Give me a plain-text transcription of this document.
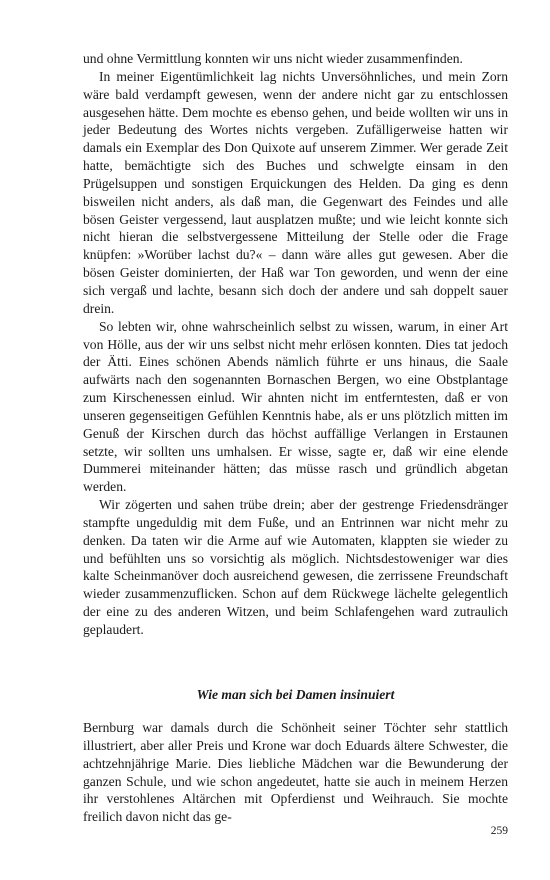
und ohne Vermittlung konnten wir uns nicht wieder zusammenfinden.

In meiner Eigentümlichkeit lag nichts Unversöhnliches, und mein Zorn wäre bald verdampft gewesen, wenn der andere nicht gar zu entschlossen ausgesehen hätte. Dem mochte es ebenso gehen, und beide wollten wir uns in jeder Bedeutung des Wortes nichts vergeben. Zufälligerweise hatten wir damals ein Exemplar des Don Quixote auf unserem Zimmer. Wer gerade Zeit hatte, bemächtigte sich des Buches und schwelgte einsam in den Prügelsuppen und sonstigen Erquickungen des Helden. Da ging es denn bisweilen nicht anders, als daß man, die Gegenwart des Feindes und alle bösen Geister vergessend, laut ausplatzen mußte; und wie leicht konnte sich nicht hieran die selbstvergessene Mitteilung der Stelle oder die Frage knüpfen: »Worüber lachst du?« – dann wäre alles gut gewesen. Aber die bösen Geister dominierten, der Haß war Ton geworden, und wenn der eine sich vergaß und lachte, besann sich doch der andere und sah doppelt sauer drein.

So lebten wir, ohne wahrscheinlich selbst zu wissen, warum, in einer Art von Hölle, aus der wir uns selbst nicht mehr erlösen konnten. Dies tat jedoch der Ätti. Eines schönen Abends nämlich führte er uns hinaus, die Saale aufwärts nach den sogenannten Bornaschen Bergen, wo eine Obstplantage zum Kirschenessen einlud. Wir ahnten nicht im entferntesten, daß er von unseren gegenseitigen Gefühlen Kenntnis habe, als er uns plötzlich mitten im Genuß der Kirschen durch das höchst auffällige Verlangen in Erstaunen setzte, wir sollten uns umhalsen. Er wisse, sagte er, daß wir eine elende Dummerei miteinander hätten; das müsse rasch und gründlich abgetan werden.

Wir zögerten und sahen trübe drein; aber der gestrenge Friedensdränger stampfte ungeduldig mit dem Fuße, und an Entrinnen war nicht mehr zu denken. Da taten wir die Arme auf wie Automaten, klappten sie wieder zu und befühlten uns so vorsichtig als möglich. Nichtsdestoweniger war dies kalte Scheinmanöver doch ausreichend gewesen, die zerrissene Freundschaft wieder zusammenzuflicken. Schon auf dem Rückwege lächelte gelegentlich der eine zu des anderen Witzen, und beim Schlafengehen ward zutraulich geplaudert.

Wie man sich bei Damen insinuiert

Bernburg war damals durch die Schönheit seiner Töchter sehr stattlich illustriert, aber aller Preis und Krone war doch Eduards ältere Schwester, die achtzehnjährige Marie. Dies liebliche Mädchen war die Bewunderung der ganzen Schule, und wie schon angedeutet, hatte sie auch in meinem Herzen ihr verstohlenes Altärchen mit Opferdienst und Weihrauch. Sie mochte freilich davon nicht das ge-

259
